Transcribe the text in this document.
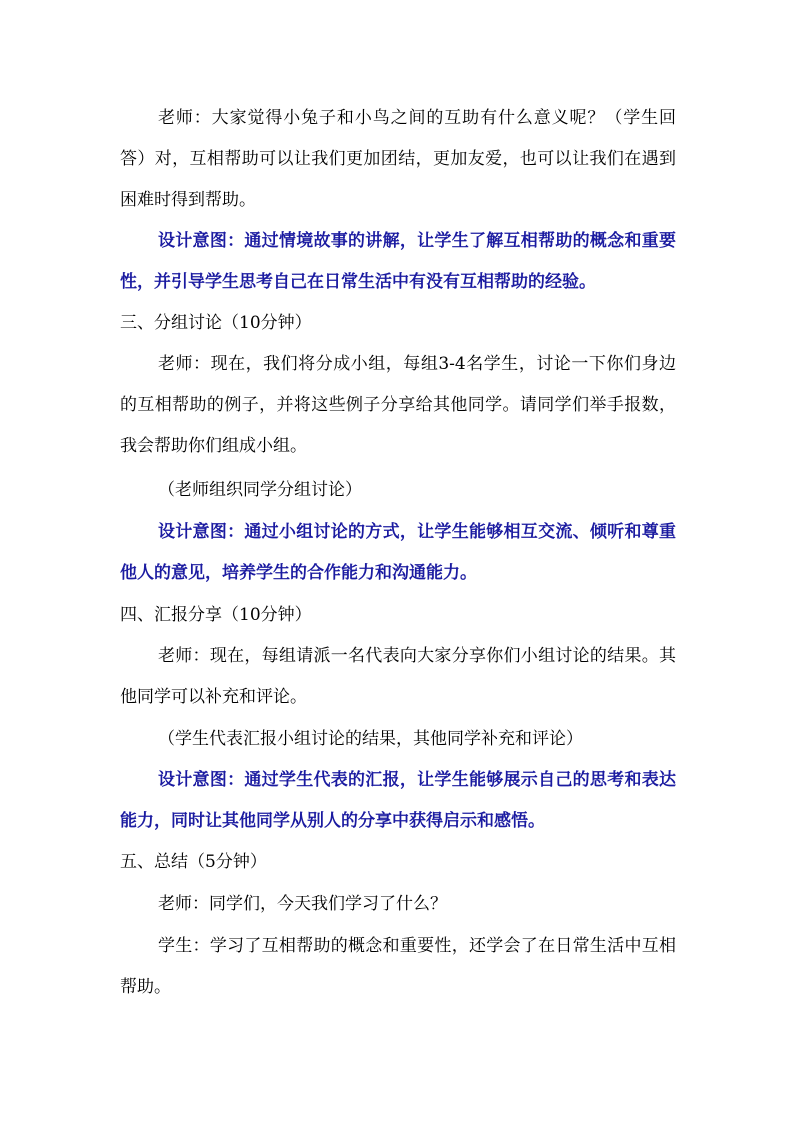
老师：大家觉得小兔子和小鸟之间的互助有什么意义呢？（学生回答）对，互相帮助可以让我们更加团结，更加友爱，也可以让我们在遇到困难时得到帮助。

设计意图：通过情境故事的讲解，让学生了解互相帮助的概念和重要性，并引导学生思考自己在日常生活中有没有互相帮助的经验。

三、分组讨论（10分钟）

老师：现在，我们将分成小组，每组3-4名学生，讨论一下你们身边的互相帮助的例子，并将这些例子分享给其他同学。请同学们举手报数，我会帮助你们组成小组。

（老师组织同学分组讨论）

设计意图：通过小组讨论的方式，让学生能够相互交流、倾听和尊重他人的意见，培养学生的合作能力和沟通能力。

四、汇报分享（10分钟）

老师：现在，每组请派一名代表向大家分享你们小组讨论的结果。其他同学可以补充和评论。

（学生代表汇报小组讨论的结果，其他同学补充和评论）

设计意图：通过学生代表的汇报，让学生能够展示自己的思考和表达能力，同时让其他同学从别人的分享中获得启示和感悟。

五、总结（5分钟）

老师：同学们，今天我们学习了什么？

学生：学习了互相帮助的概念和重要性，还学会了在日常生活中互相帮助。
